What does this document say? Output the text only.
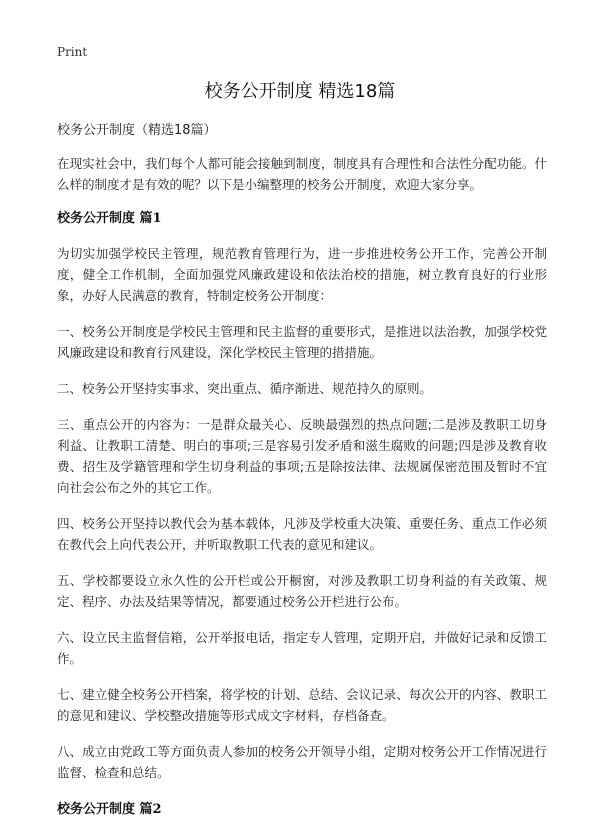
Print
校务公开制度 精选18篇

校务公开制度（精选18篇）

在现实社会中，我们每个人都可能会接触到制度，制度具有合理性和合法性分配功能。什么样的制度才是有效的呢？以下是小编整理的校务公开制度，欢迎大家分享。

校务公开制度 篇1

为切实加强学校民主管理，规范教育管理行为，进一步推进校务公开工作，完善公开制度，健全工作机制，全面加强党风廉政建设和依法治校的措施，树立教育良好的行业形象，办好人民满意的教育，特制定校务公开制度：

一、校务公开制度是学校民主管理和民主监督的重要形式，是推进以法治教，加强学校党风廉政建设和教育行风建设，深化学校民主管理的措措施。

二、校务公开坚持实事求、突出重点、循序渐进、规范持久的原则。

三、重点公开的内容为：一是群众最关心、反映最强烈的热点问题;二是涉及教职工切身利益、让教职工清楚、明白的事项;三是容易引发矛盾和滋生腐败的问题;四是涉及教育收费、招生及学籍管理和学生切身利益的事项;五是除按法律、法规属保密范围及暂时不宜向社会公布之外的其它工作。

四、校务公开坚持以教代会为基本载体，凡涉及学校重大决策、重要任务、重点工作必须在教代会上向代表公开，并听取教职工代表的意见和建议。

五、学校都要设立永久性的公开栏或公开橱窗，对涉及教职工切身利益的有关政策、规定、程序、办法及结果等情况，都要通过校务公开栏进行公布。

六、设立民主监督信箱，公开举报电话，指定专人管理，定期开启，并做好记录和反馈工作。

七、建立健全校务公开档案，将学校的计划、总结、会议记录、每次公开的内容、教职工的意见和建议、学校整改措施等形式成文字材料，存档备查。

八、成立由党政工等方面负责人参加的校务公开领导小组，定期对校务公开工作情况进行监督、检查和总结。

校务公开制度 篇2
